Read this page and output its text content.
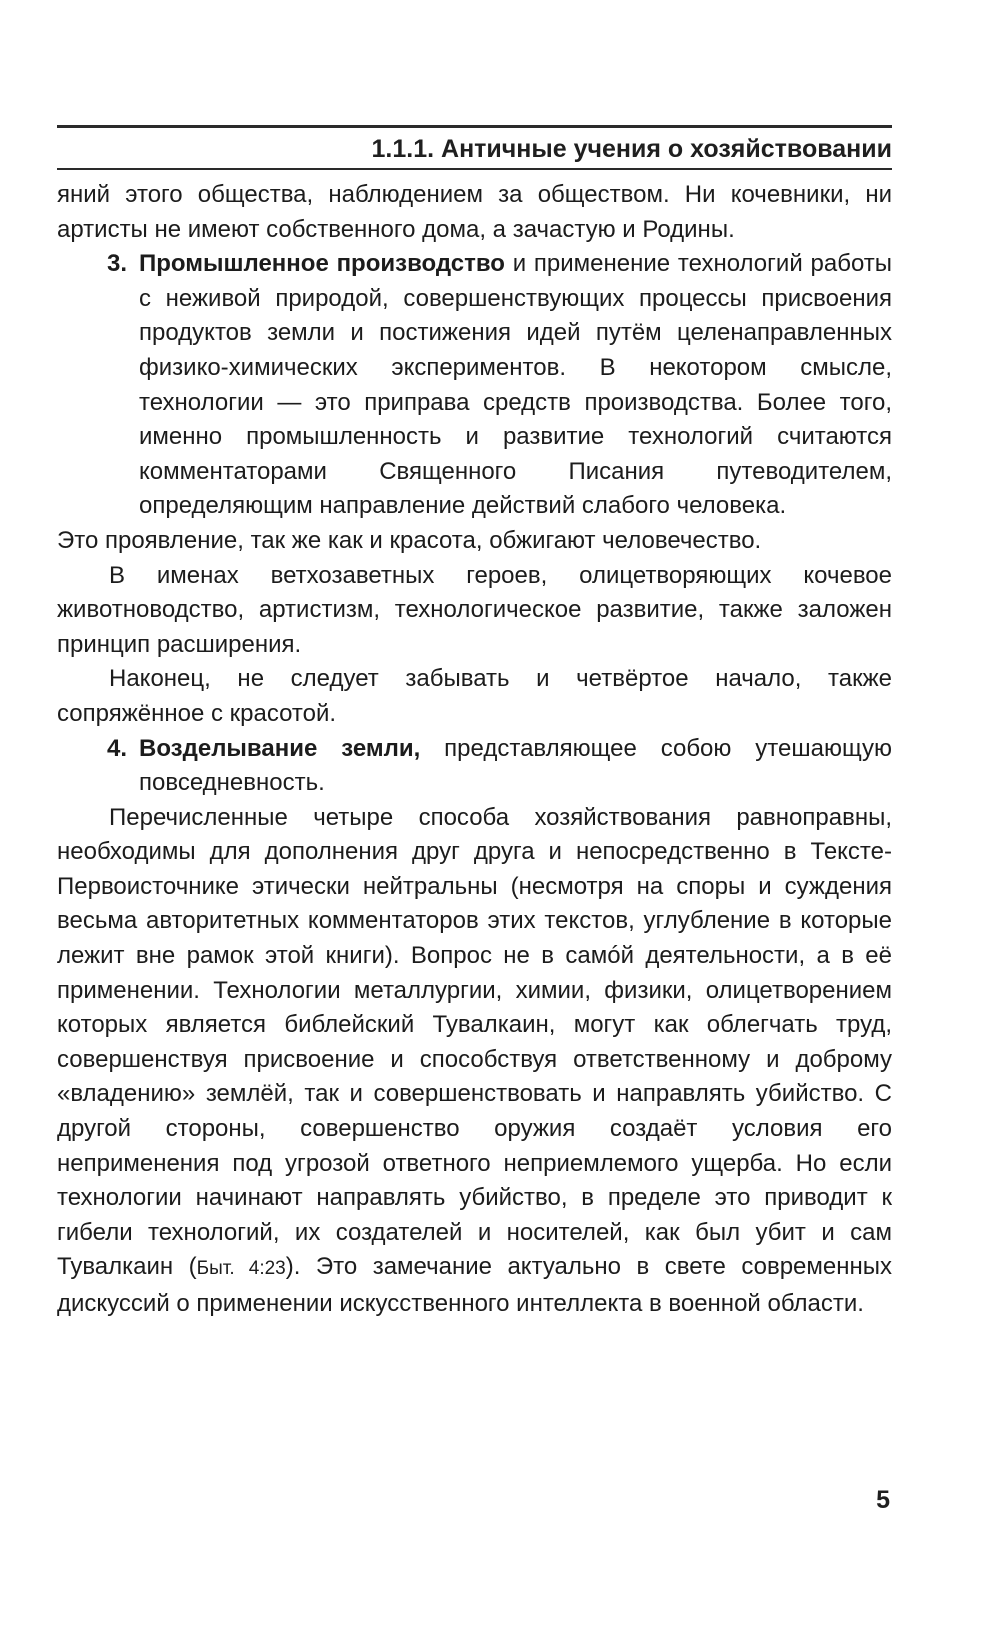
1.1.1. Античные учения о хозяйствовании

яний этого общества, наблюдением за обществом. Ни кочевники, ни артисты не имеют собственного дома, а зачастую и Родины.

3. Промышленное производство и применение технологий работы с неживой природой, совершенствующих процессы присвоения продуктов земли и постижения идей путём целенаправленных физико-химических экспериментов. В некотором смысле, технологии — это приправа средств производства. Более того, именно промышленность и развитие технологий считаются комментаторами Священного Писания путеводителем, определяющим направление действий слабого человека.

Это проявление, так же как и красота, обжигают человечество.

В именах ветхозаветных героев, олицетворяющих кочевое животноводство, артистизм, технологическое развитие, также заложен принцип расширения.

Наконец, не следует забывать и четвёртое начало, также сопряжённое с красотой.

4. Возделывание земли, представляющее собою утешающую повседневность.

Перечисленные четыре способа хозяйствования равноправны, необходимы для дополнения друг друга и непосредственно в Тексте-Первоисточнике этически нейтральны (несмотря на споры и суждения весьма авторитетных комментаторов этих текстов, углубление в которые лежит вне рамок этой книги). Вопрос не в самóй деятельности, а в её применении. Технологии металлургии, химии, физики, олицетворением которых является библейский Тувалкаин, могут как облегчать труд, совершенствуя присвоение и способствуя ответственному и доброму «владению» землёй, так и совершенствовать и направлять убийство. С другой стороны, совершенство оружия создаёт условия его неприменения под угрозой ответного неприемлемого ущерба. Но если технологии начинают направлять убийство, в пределе это приводит к гибели технологий, их создателей и носителей, как был убит и сам Тувалкаин (Быт. 4:23). Это замечание актуально в свете современных дискуссий о применении искусственного интеллекта в военной области.

5
